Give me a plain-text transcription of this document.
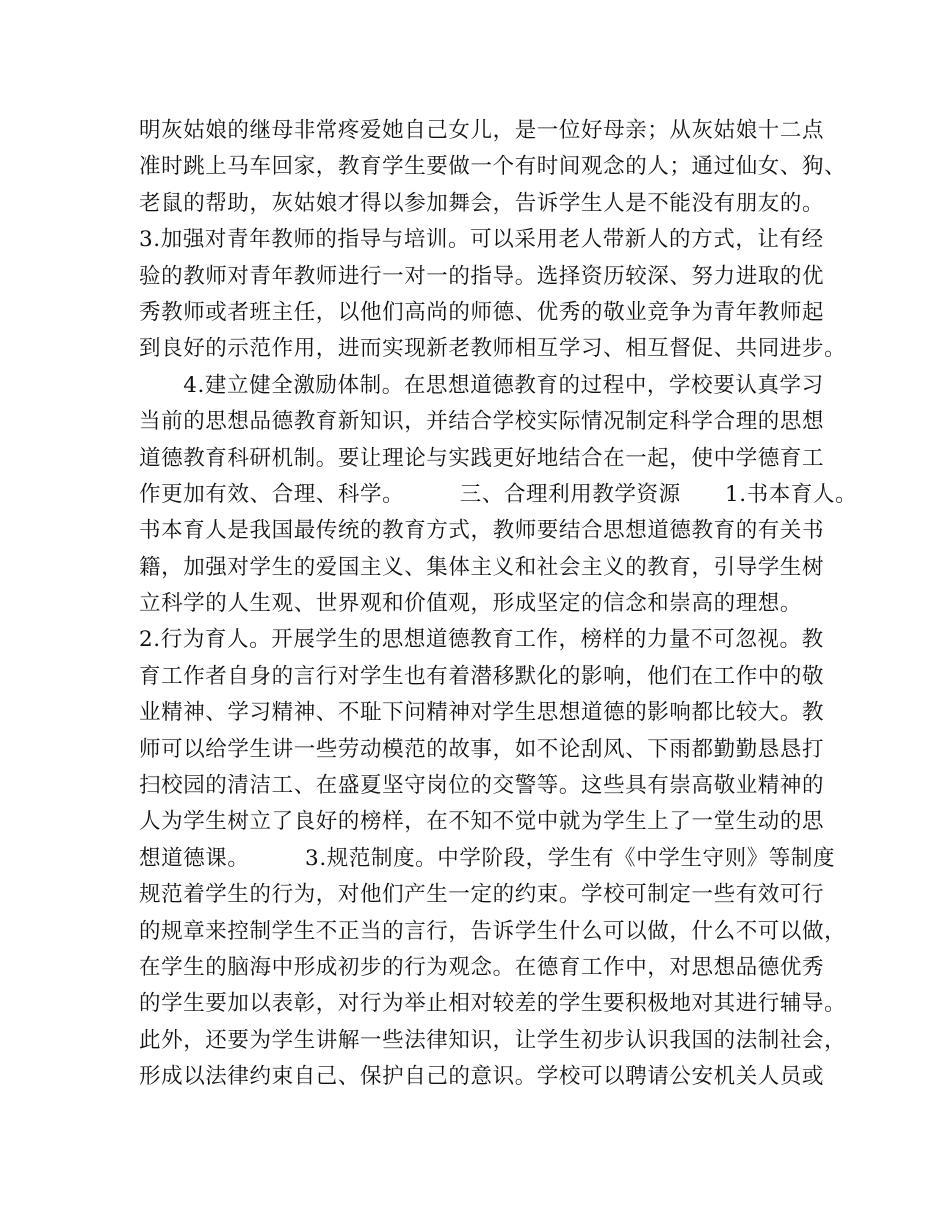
明灰姑娘的继母非常疼爱她自己女儿，是一位好母亲；从灰姑娘十二点
准时跳上马车回家，教育学生要做一个有时间观念的人；通过仙女、狗、
老鼠的帮助，灰姑娘才得以参加舞会，告诉学生人是不能没有朋友的。
3.加强对青年教师的指导与培训。可以采用老人带新人的方式，让有经
验的教师对青年教师进行一对一的指导。选择资历较深、努力进取的优
秀教师或者班主任，以他们高尚的师德、优秀的敬业竞争为青年教师起
到良好的示范作用，进而实现新老教师相互学习、相互督促、共同进步。
　　4.建立健全激励体制。在思想道德教育的过程中，学校要认真学习
当前的思想品德教育新知识，并结合学校实际情况制定科学合理的思想
道德教育科研机制。要让理论与实践更好地结合在一起，使中学德育工
作更加有效、合理、科学。　　　三、合理利用教学资源　　1.书本育人。
书本育人是我国最传统的教育方式，教师要结合思想道德教育的有关书
籍，加强对学生的爱国主义、集体主义和社会主义的教育，引导学生树
立科学的人生观、世界观和价值观，形成坚定的信念和崇高的理想。
2.行为育人。开展学生的思想道德教育工作，榜样的力量不可忽视。教
育工作者自身的言行对学生也有着潜移默化的影响，他们在工作中的敬
业精神、学习精神、不耻下问精神对学生思想道德的影响都比较大。教
师可以给学生讲一些劳动模范的故事，如不论刮风、下雨都勤勤恳恳打
扫校园的清洁工、在盛夏坚守岗位的交警等。这些具有崇高敬业精神的
人为学生树立了良好的榜样，在不知不觉中就为学生上了一堂生动的思
想道德课。　　　3.规范制度。中学阶段，学生有《中学生守则》等制度
规范着学生的行为，对他们产生一定的约束。学校可制定一些有效可行
的规章来控制学生不正当的言行，告诉学生什么可以做，什么不可以做，
在学生的脑海中形成初步的行为观念。在德育工作中，对思想品德优秀
的学生要加以表彰，对行为举止相对较差的学生要积极地对其进行辅导。
此外，还要为学生讲解一些法律知识，让学生初步认识我国的法制社会，
形成以法律约束自己、保护自己的意识。学校可以聘请公安机关人员或
